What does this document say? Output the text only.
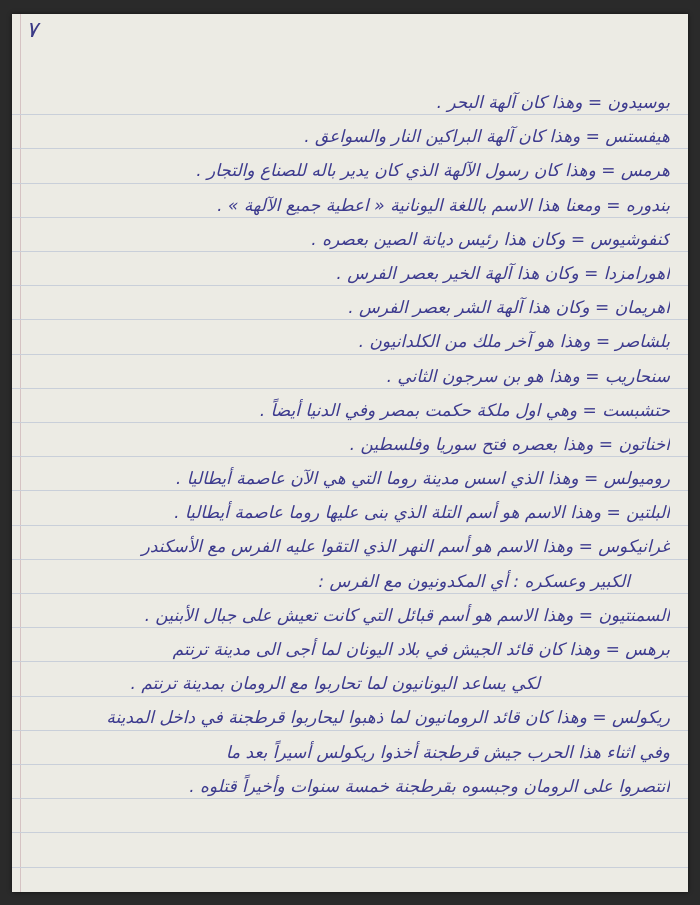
٧
بوسيدون = وهذا كان آلهة البحر .
هيفستس = وهذا كان آلهة البراكين النار والسواعق .
هرمس = وهذا كان رسول الآلهة الذي كان يدير باله للصناع والتجار .
بندوره = ومعنا هذا الاسم باللغة اليونانية « اعطية جميع الآلهة » .
كنفوشيوس = وكان هذا رئيس ديانة الصين بعصره .
اهورامزدا = وكان هذا آلهة الخير بعصر الفرس .
اهريمان = وكان هذا آلهة الشر بعصر الفرس .
بلشاصر = وهذا هو آخر ملك من الكلدانيون .
سنحاريب = وهذا هو بن سرجون الثاني .
حتشبست = وهي اول ملكة حكمت بمصر وفي الدنيا أيضاً .
اخناتون = وهذا بعصره فتح سوريا وفلسطين .
روميولس = وهذا الذي اسس مدينة روما التي هي الآن عاصمة أيطاليا .
البلتين = وهذا الاسم هو أسم التلة الذي بنى عليها روما عاصمة أيطاليا .
غرانيكوس = وهذا الاسم هو أسم النهر الذي التقوا عليه الفرس مع الأسكندر
الكبير وعسكره : أي المكدونيون مع الفرس :
السمنتيون = وهذا الاسم هو أسم قبائل التي كانت تعيش على جبال الأبنين .
برهس = وهذا كان قائد الجيش في بلاد اليونان لما أجى الى مدينة ترنتم
لكي يساعد اليونانيون لما تحاربوا مع الرومان بمدينة ترنتم .
ريكولس = وهذا كان قائد الرومانيون لما ذهبوا ليحاربوا قرطجنة في داخل المدينة
وفي اثناء هذا الحرب جيش قرطجنة أخذوا ريكولس أسيراً بعد ما
انتصروا على الرومان وجبسوه بقرطجنة خمسة سنوات وأخيراً قتلوه .
